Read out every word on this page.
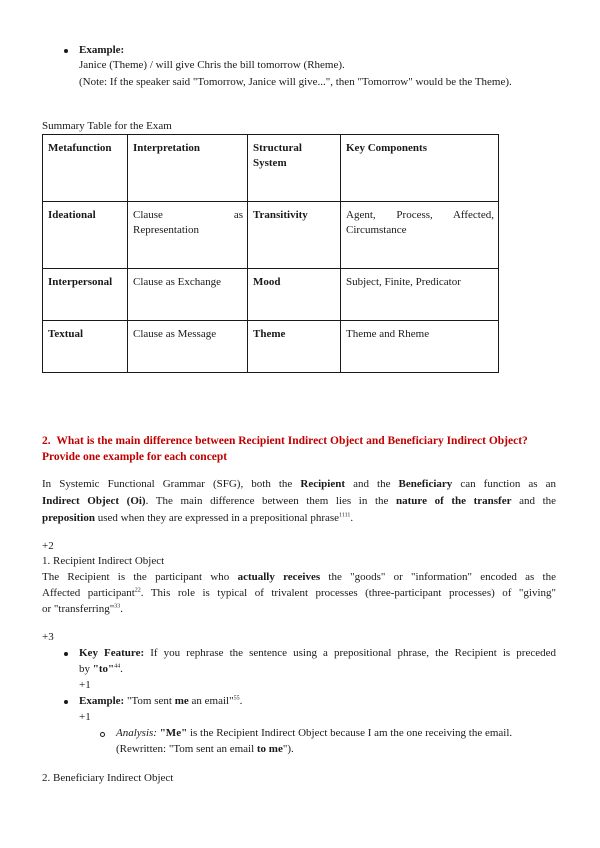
Example:
Janice (Theme) / will give Chris the bill tomorrow (Rheme).
(Note: If the speaker said "Tomorrow, Janice will give...", then "Tomorrow" would be the Theme).
Summary Table for the Exam
Metafunction	Interpretation	Structural System	Key Components
Ideational	Clause as Representation	Transitivity	Agent, Process, Affected, Circumstance
Interpersonal	Clause as Exchange	Mood	Subject, Finite, Predicator
Textual	Clause as Message	Theme	Theme and Rheme
2. What is the main difference between Recipient Indirect Object and Beneficiary Indirect Object?
Provide one example for each concept
In Systemic Functional Grammar (SFG), both the Recipient and the Beneficiary can function as an
Indirect Object (Oi). The main difference between them lies in the nature of the transfer and the
preposition used when they are expressed in a prepositional phrase$^{1111}$.
+2
1. Recipient Indirect Object
The Recipient is the participant who actually receives the "goods" or "information" encoded as the
Affected participant$^{22}$. This role is typical of trivalent processes (three-participant processes) of "giving"
or "transferring"$^{33}$.
+3
Key Feature: If you rephrase the sentence using a prepositional phrase, the Recipient is preceded
by "to"$^{44}$.
+1
Example: "Tom sent me an email"$^{55}$.
+1
Analysis: "Me" is the Recipient Indirect Object because I am the one receiving the email.
(Rewritten: "Tom sent an email to me").
2. Beneficiary Indirect Object
